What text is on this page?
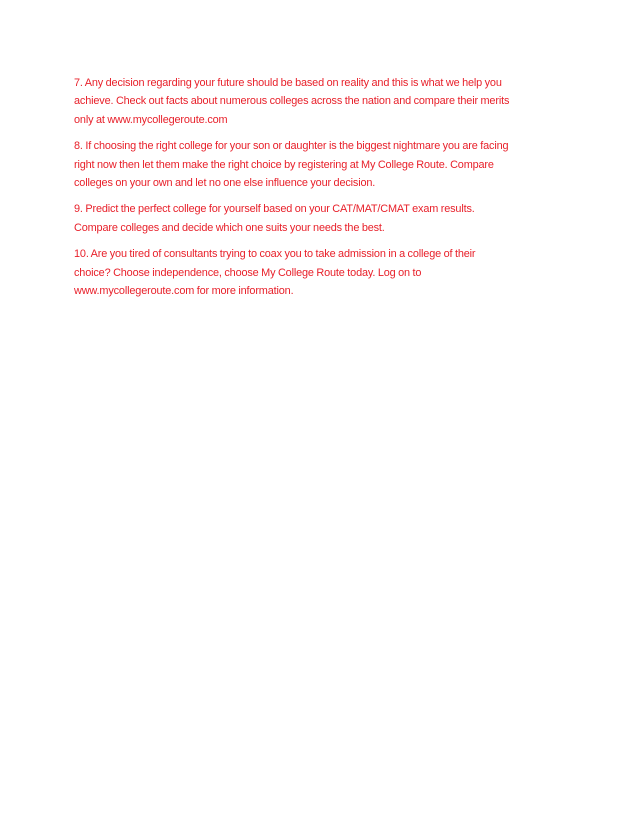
7. Any decision regarding your future should be based on reality and this is what we help you
achieve. Check out facts about numerous colleges across the nation and compare their merits
only at www.mycollegeroute.com

8. If choosing the right college for your son or daughter is the biggest nightmare you are facing
right now then let them make the right choice by registering at My College Route. Compare
colleges on your own and let no one else influence your decision.

9. Predict the perfect college for yourself based on your CAT/MAT/CMAT exam results.
Compare colleges and decide which one suits your needs the best.

10. Are you tired of consultants trying to coax you to take admission in a college of their
choice? Choose independence, choose My College Route today. Log on to
www.mycollegeroute.com for more information.
